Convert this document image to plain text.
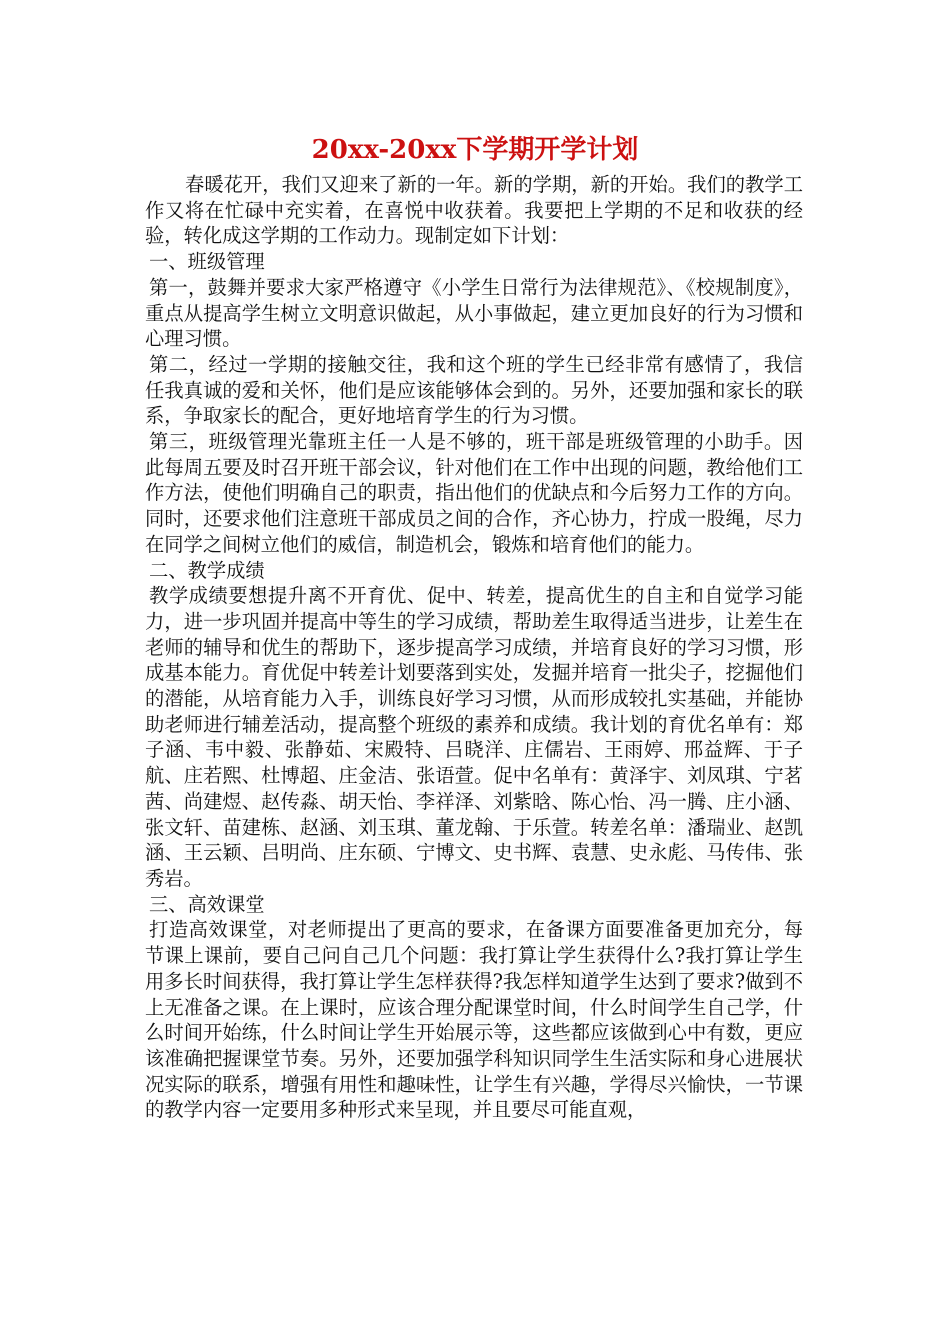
20xx-20xx下学期开学计划

春暖花开，我们又迎来了新的一年。新的学期，新的开始。我们的教学工作又将在忙碌中充实着，在喜悦中收获着。我要把上学期的不足和收获的经验，转化成这学期的工作动力。现制定如下计划：

一、班级管理

第一，鼓舞并要求大家严格遵守《小学生日常行为法律规范》、《校规制度》，重点从提高学生树立文明意识做起，从小事做起，建立更加良好的行为习惯和心理习惯。

第二，经过一学期的接触交往，我和这个班的学生已经非常有感情了，我信任我真诚的爱和关怀，他们是应该能够体会到的。另外，还要加强和家长的联系，争取家长的配合，更好地培育学生的行为习惯。

第三，班级管理光靠班主任一人是不够的，班干部是班级管理的小助手。因此每周五要及时召开班干部会议，针对他们在工作中出现的问题，教给他们工作方法，使他们明确自己的职责，指出他们的优缺点和今后努力工作的方向。同时，还要求他们注意班干部成员之间的合作，齐心协力，拧成一股绳，尽力在同学之间树立他们的威信，制造机会，锻炼和培育他们的能力。

二、教学成绩

教学成绩要想提升离不开育优、促中、转差，提高优生的自主和自觉学习能力，进一步巩固并提高中等生的学习成绩，帮助差生取得适当进步，让差生在老师的辅导和优生的帮助下，逐步提高学习成绩，并培育良好的学习习惯，形成基本能力。育优促中转差计划要落到实处，发掘并培育一批尖子，挖掘他们的潜能，从培育能力入手，训练良好学习习惯，从而形成较扎实基础，并能协助老师进行辅差活动，提高整个班级的素养和成绩。我计划的育优名单有：郑子涵、韦中毅、张静茹、宋殿特、吕晓洋、庄儒岩、王雨婷、邢益辉、于子航、庄若熙、杜博超、庄金洁、张语萱。促中名单有：黄泽宇、刘凤琪、宁茗茜、尚建煜、赵传淼、胡天怡、李祥泽、刘紫晗、陈心怡、冯一腾、庄小涵、张文轩、苗建栋、赵涵、刘玉琪、董龙翰、于乐萱。转差名单：潘瑞业、赵凯涵、王云颖、吕明尚、庄东硕、宁博文、史书辉、袁慧、史永彪、马传伟、张秀岩。

三、高效课堂

打造高效课堂，对老师提出了更高的要求，在备课方面要准备更加充分，每节课上课前，要自己问自己几个问题：我打算让学生获得什么?我打算让学生用多长时间获得，我打算让学生怎样获得?我怎样知道学生达到了要求?做到不上无准备之课。在上课时，应该合理分配课堂时间，什么时间学生自己学，什么时间开始练，什么时间让学生开始展示等，这些都应该做到心中有数，更应该准确把握课堂节奏。另外，还要加强学科知识同学生生活实际和身心进展状况实际的联系，增强有用性和趣味性，让学生有兴趣，学得尽兴愉快，一节课的教学内容一定要用多种形式来呈现，并且要尽可能直观，
